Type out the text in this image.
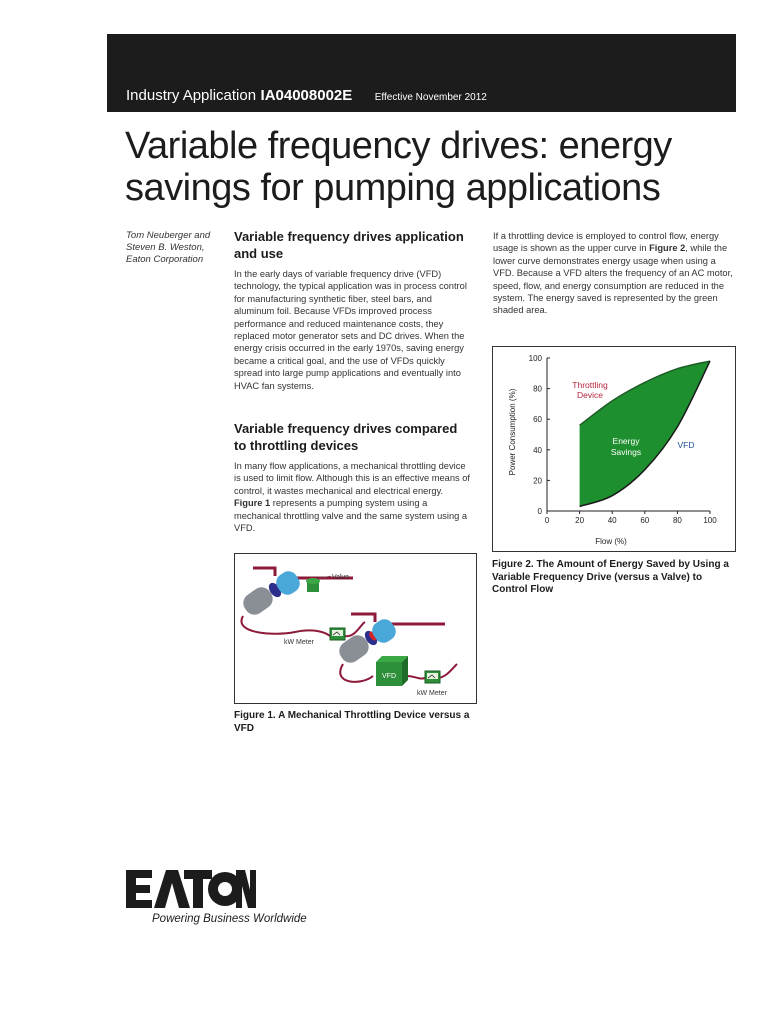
Industry Application IA04008002E Effective November 2012
Variable frequency drives: energy savings for pumping applications
Tom Neuberger and Steven B. Weston, Eaton Corporation
Variable frequency drives application and use
In the early days of variable frequency drive (VFD) technology, the typical application was in process control for manufacturing synthetic fiber, steel bars, and aluminum foil. Because VFDs improved process performance and reduced maintenance costs, they replaced motor generator sets and DC drives. When the energy crisis occurred in the early 1970s, saving energy became a critical goal, and the use of VFDs quickly spread into large pump applications and eventually into HVAC fan systems.
Variable frequency drives compared to throttling devices
In many flow applications, a mechanical throttling device is used to limit flow. Although this is an effective means of control, it wastes mechanical and electrical energy. Figure 1 represents a pumping system using a mechanical throttling valve and the same system using a VFD.
If a throttling device is employed to control flow, energy usage is shown as the upper curve in Figure 2, while the lower curve demonstrates energy usage when using a VFD. Because a VFD alters the frequency of an AC motor, speed, flow, and energy consumption are reduced in the system. The energy saved is represented by the green shaded area.
Valve
kW Meter
VFD
kW Meter
Figure 1. A Mechanical Throttling Device versus a VFD
0	20	40	60	80	100
0
20
40
60
80
100
Throttling Device
Flow (%)
Power Consumption (%)	Energy
Savings
VFD
Figure 2. The Amount of Energy Saved by Using a Variable Frequency Drive (versus a Valve) to Control Flow
Powering Business Worldwide
